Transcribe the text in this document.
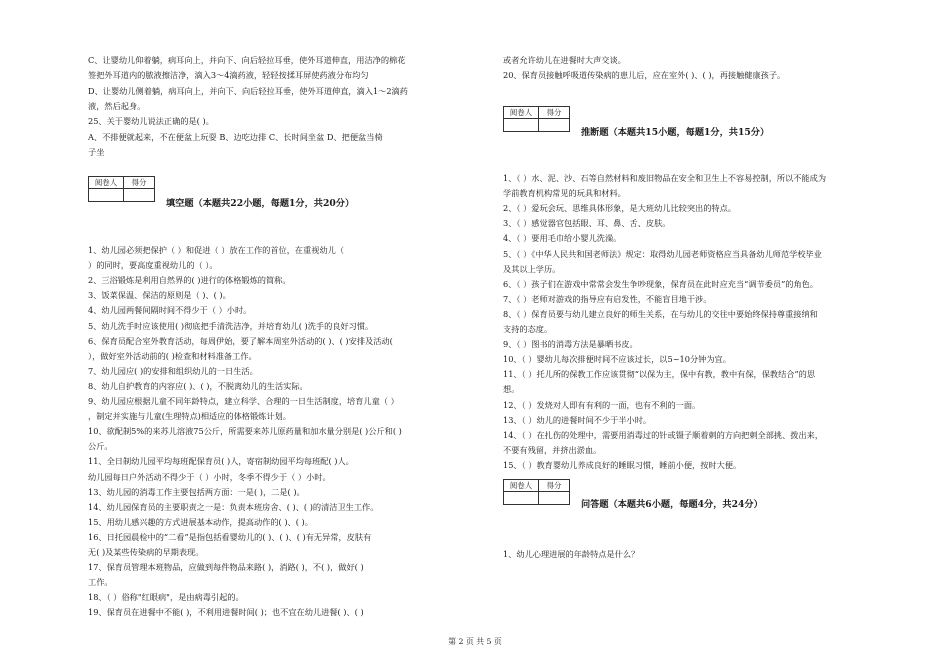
C、让婴幼儿仰着躺，病耳向上，并向下、向后轻拉耳垂，使外耳道伸直，用洁净的棉花
签把外耳道内的脓液擦洁净，滴入3～4滴药液，轻轻按揉耳屏使药液分布均匀
D、让婴幼儿侧着躺，病耳向上，并向下、向后轻拉耳垂，使外耳道伸直，滴入1～2滴药
液，然后起身。
25、关于婴幼儿说法正确的是( )。
A、不排便就起来，不在便盆上玩耍 B、边吃边排 C、长时间坐盆 D、把便盆当椅
子坐
阅卷人	得分

填空题（本题共22小题，每题1分，共20分）
1、幼儿园必须把保护（ ）和促进（ ）放在工作的首位，在重视幼儿（
）的同时，要高度重视幼儿的（ ）。
2、三浴锻炼是利用自然界的( )进行的体格锻炼的简称。
3、饭菜保温、保洁的原则是（ )、( )。
4、幼儿园两餐间隔时间不得少于（ ）小时。
5、幼儿洗手时应该使用( )彻底把手清洗洁净，并培育幼儿( )洗手的良好习惯。
6、保育员配合室外教育活动，每周伊始，要了解本周室外活动的( )、( )安排及活动(
），做好室外活动前的( )检查和材料准备工作。
7、幼儿园应( )的安排和组织幼儿的一日生活。
8、幼儿自护教育的内容应( )、( )，不脱离幼儿的生活实际。
9、幼儿园应根据儿童不同年龄特点，建立科学、合理的一日生活制度，培育儿童（ ）
，制定并实施与儿童(生理特点)相适应的体格锻炼计划。
10、欲配制5%的来苏儿溶液75公斤，所需要来苏儿原药量和加水量分别是( )公斤和( )
公斤。
11、全日制幼儿园平均每班配保育员( )人，寄宿制幼园平均每班配( )人。
幼儿园每日户外活动不得少于（ ）小时，冬季不得少于（ ）小时。
13、幼儿园的消毒工作主要包括两方面：一是( )，二是( )。
14、幼儿园保育员的主要职责之一是：负责本班房舍、( )、( )的清洁卫生工作。
15、用幼儿感兴趣的方式进展基本动作，提高动作的( )、( )。
16、日托园晨检中的“二看”是指包括看婴幼儿的( )、( )、( )有无异常，皮肤有
无( )及某些传染病的早期表现。
17、保育员管理本班物品，应做到每件物品来路( )，消路( )，不( )，做好( )
工作。
18、（ ）俗称"红眼病"，是由病毒引起的。
19、保育员在进餐中不能( )，不利用进餐时间( )；也不宜在幼儿进餐( )、( )
或者允许幼儿在进餐时大声交谈。
20、保育员接触呼吸道传染病的患儿后，应在室外( )、( )，再接触健康孩子。
阅卷人	得分

推断题（本题共15小题，每题1分，共15分）
1、（ ）水、泥、沙、石等自然材料和废旧物品在安全和卫生上不容易控制，所以不能成为
学前教育机构常见的玩具和材料。
2、（ ）爱玩会玩、思维具体形象，是大班幼儿比较突出的特点。
3、（ ）感觉器官包括眼、耳、鼻、舌、皮肤。
4、（ ）要用毛巾给小婴儿洗澡。
5、（ ）《中华人民共和国老师法》规定：取得幼儿园老师资格应当具备幼儿师范学校毕业
及其以上学历。
6、（ ）孩子们在游戏中常常会发生争吵现象，保育员在此时应充当“调节委员”的角色。
7、（ ）老师对游戏的指导应有启发性，不能盲目地干涉。
8、（ ）保育员要与幼儿建立良好的师生关系，在与幼儿的交往中要始终保持尊重接纳和
支持的态度。
9、（ ）图书的消毒方法是暴晒书皮。
10、（ ）婴幼儿每次排便时间不应该过长，以5~10分钟为宜。
11、（ ）托儿所的保教工作应该贯彻“以保为主，保中有教，教中有保，保教结合”的思
想。
12、（ ）发烧对人即有有利的一面，也有不利的一面。
13、（ ）幼儿的进餐时间不少于半小时。
14、（ ）在扎伤的处理中，需要用消毒过的针或镊子顺着刺的方向把刺全部挑、拨出来，
不要有残留，并挤出淤血。
15、（ ）教育婴幼儿养成良好的睡眠习惯，睡前小便，按时大便。
阅卷人	得分

问答题（本题共6小题，每题4分，共24分）
1、幼儿心理进展的年龄特点是什么？
第 2 页 共 5 页
